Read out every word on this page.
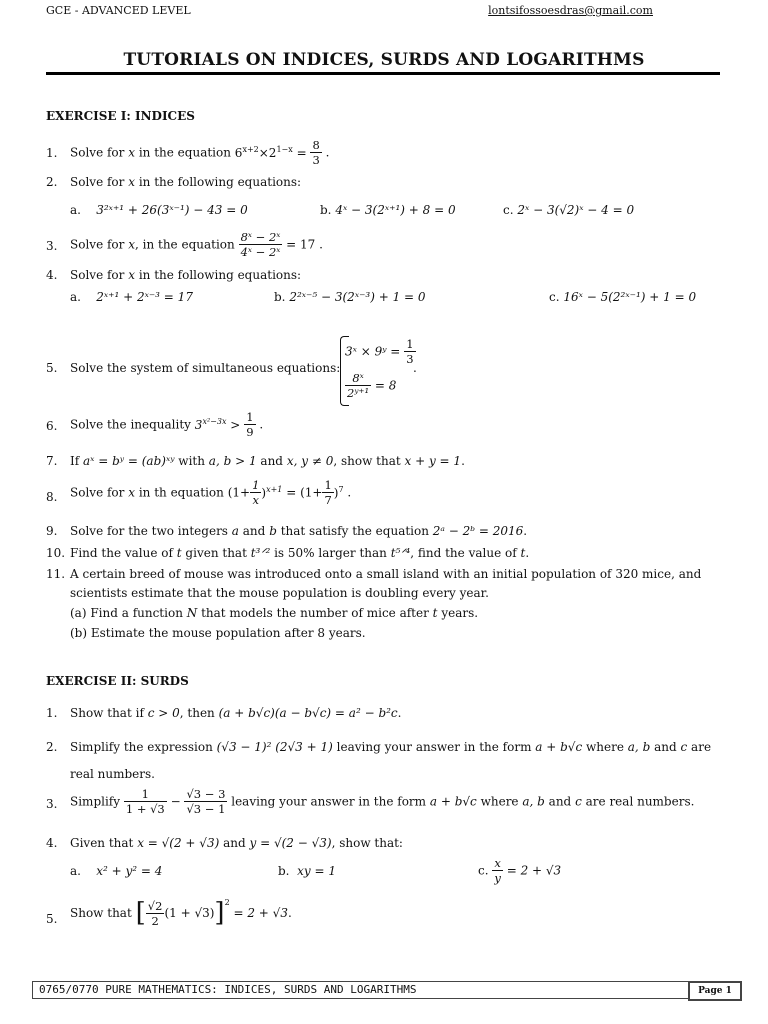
GCE - ADVANCED LEVEL	lontsifossoesdras@gmail.com
TUTORIALS ON INDICES, SURDS AND LOGARITHMS
EXERCISE I: INDICES
1. Solve for x in the equation $6^{x+2}\times 2^{1-x} = \frac{8}{3}$ .
2. Solve for x in the following equations:
a. 3²ˣ⁺¹ + 26(3ˣ⁻¹) − 43 = 0	b. 4ˣ − 3(2ˣ⁺¹) + 8 = 0	c. 2ˣ − 3(√2)ˣ − 4 = 0
3. Solve for x, in the equation $\frac{\text{8ˣ − 2ˣ}}{\text{4ˣ − 2ˣ}} = 17$ .
4. Solve for x in the following equations:
a. 2ˣ⁺¹ + 2ˣ⁻³ = 17	b. 2²ˣ⁻⁵ − 3(2ˣ⁻³) + 1 = 0	c. 16ˣ − 5(2²ˣ⁻¹) + 1 = 0
5. Solve the system of simultaneous equations:
3ˣ × 9ʸ = $\frac{1}{3}$
$\frac{\text{8ˣ}}{\text{2ʸ⁺¹}} = 8$
.
6. Solve the inequality $3^{x^2-3x} > \frac{1}{9}$ .
7. If aˣ = bʸ = (ab)ˣʸ with a, b > 1 and x, y ≠ 0, show that x + y = 1.
8. Solve for x in th equation $(1+ \frac{1}{x} )^{x+1} = (1+ \frac{1}{7} )^7$ .
9. Solve for the two integers a and b that satisfy the equation 2ᵃ − 2ᵇ = 2016.
10. Find the value of t given that t³ᐟ² is 50% larger than t⁵ᐟ⁴, find the value of t.
11. A certain breed of mouse was introduced onto a small island with an initial population of 320 mice, and
scientists estimate that the mouse population is doubling every year.
(a) Find a function N that models the number of mice after t years.
(b) Estimate the mouse population after 8 years.
EXERCISE II: SURDS
1. Show that if c > 0, then (a + b√c)(a − b√c) = a² − b²c.
2. Simplify the expression (√3 − 1)² (2√3 + 1) leaving your answer in the form a + b√c where a, b and c are
real numbers.
3. Simplify $\frac{1}{1 + √3} - \frac{√3 - 3}{√3 - 1}$ leaving your answer in the form a + b√c where a, b and c are real numbers.
4. Given that x = √(2 + √3) and y = √(2 − √3), show that:
a. x² + y² = 4	b. xy = 1	c. $\frac{x}{y} = 2 + √3$
5. Show that [ $\frac{√2}{2} (1 + √3)]^2 = 2 + √3$.
0765/0770 PURE MATHEMATICS: INDICES, SURDS AND LOGARITHMS	Page 1
